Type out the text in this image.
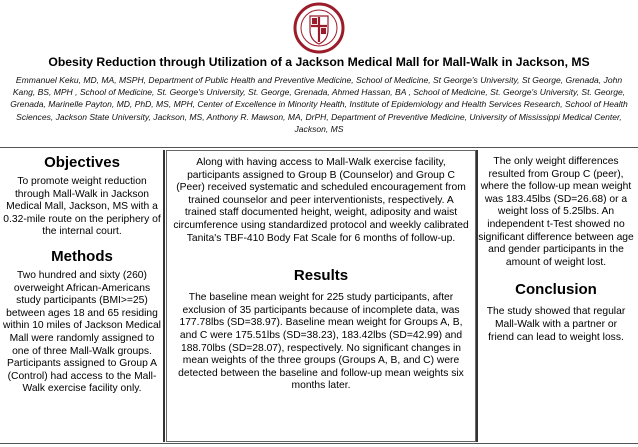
Obesity Reduction through Utilization of a Jackson Medical Mall for Mall-Walk in Jackson, MS
Emmanuel Keku, MD, MA, MSPH, Department of Public Health and Preventive Medicine, School of Medicine, St George's University, St George, Grenada, John Kang, BS, MPH , School of Medicine, St. George's University, St. George, Grenada, Ahmed Hassan, BA , School of Medicine, St. George's University, St. George, Grenada, Marinelle Payton, MD, PhD, MS, MPH, Center of Excellence in Minority Health, Institute of Epidemiology and Health Services Research, School of Health Sciences, Jackson State University, Jackson, MS, Anthony R. Mawson, MA, DrPH, Department of Preventive Medicine, University of Mississippi Medical Center, Jackson, MS
Objectives

To promote weight reduction through Mall-Walk in Jackson Medical Mall, Jackson, MS with a 0.32-mile route on the periphery of the internal court.

Methods

Two hundred and sixty (260) overweight African-Americans study participants (BMI>=25) between ages 18 and 65 residing within 10 miles of Jackson Medical Mall were randomly assigned to one of three Mall-Walk groups. Participants assigned to Group A (Control) had access to the Mall-Walk exercise facility only.

Along with having access to Mall-Walk exercise facility, participants assigned to Group B (Counselor) and Group C (Peer) received systematic and scheduled encouragement from trained counselor and peer interventionists, respectively. A trained staff documented height, weight, adiposity and waist circumference using standardized protocol and weekly calibrated Tanita's TBF-410 Body Fat Scale for 6 months of follow-up.

Results

The baseline mean weight for 225 study participants, after exclusion of 35 participants because of incomplete data, was 177.78lbs (SD=38.97). Baseline mean weight for Groups A, B, and C were 175.51lbs (SD=38.23), 183.42lbs (SD=42.99) and 188.70lbs (SD=28.07), respectively. No significant changes in mean weights of the three groups (Groups A, B, and C) were detected between the baseline and follow-up mean weights six months later.

The only weight differences resulted from Group C (peer), where the follow-up mean weight was 183.45lbs (SD=26.68) or a weight loss of 5.25lbs. An independent t-Test showed no significant difference between age and gender participants in the amount of weight lost.

Conclusion

The study showed that regular Mall-Walk with a partner or friend can lead to weight loss.
